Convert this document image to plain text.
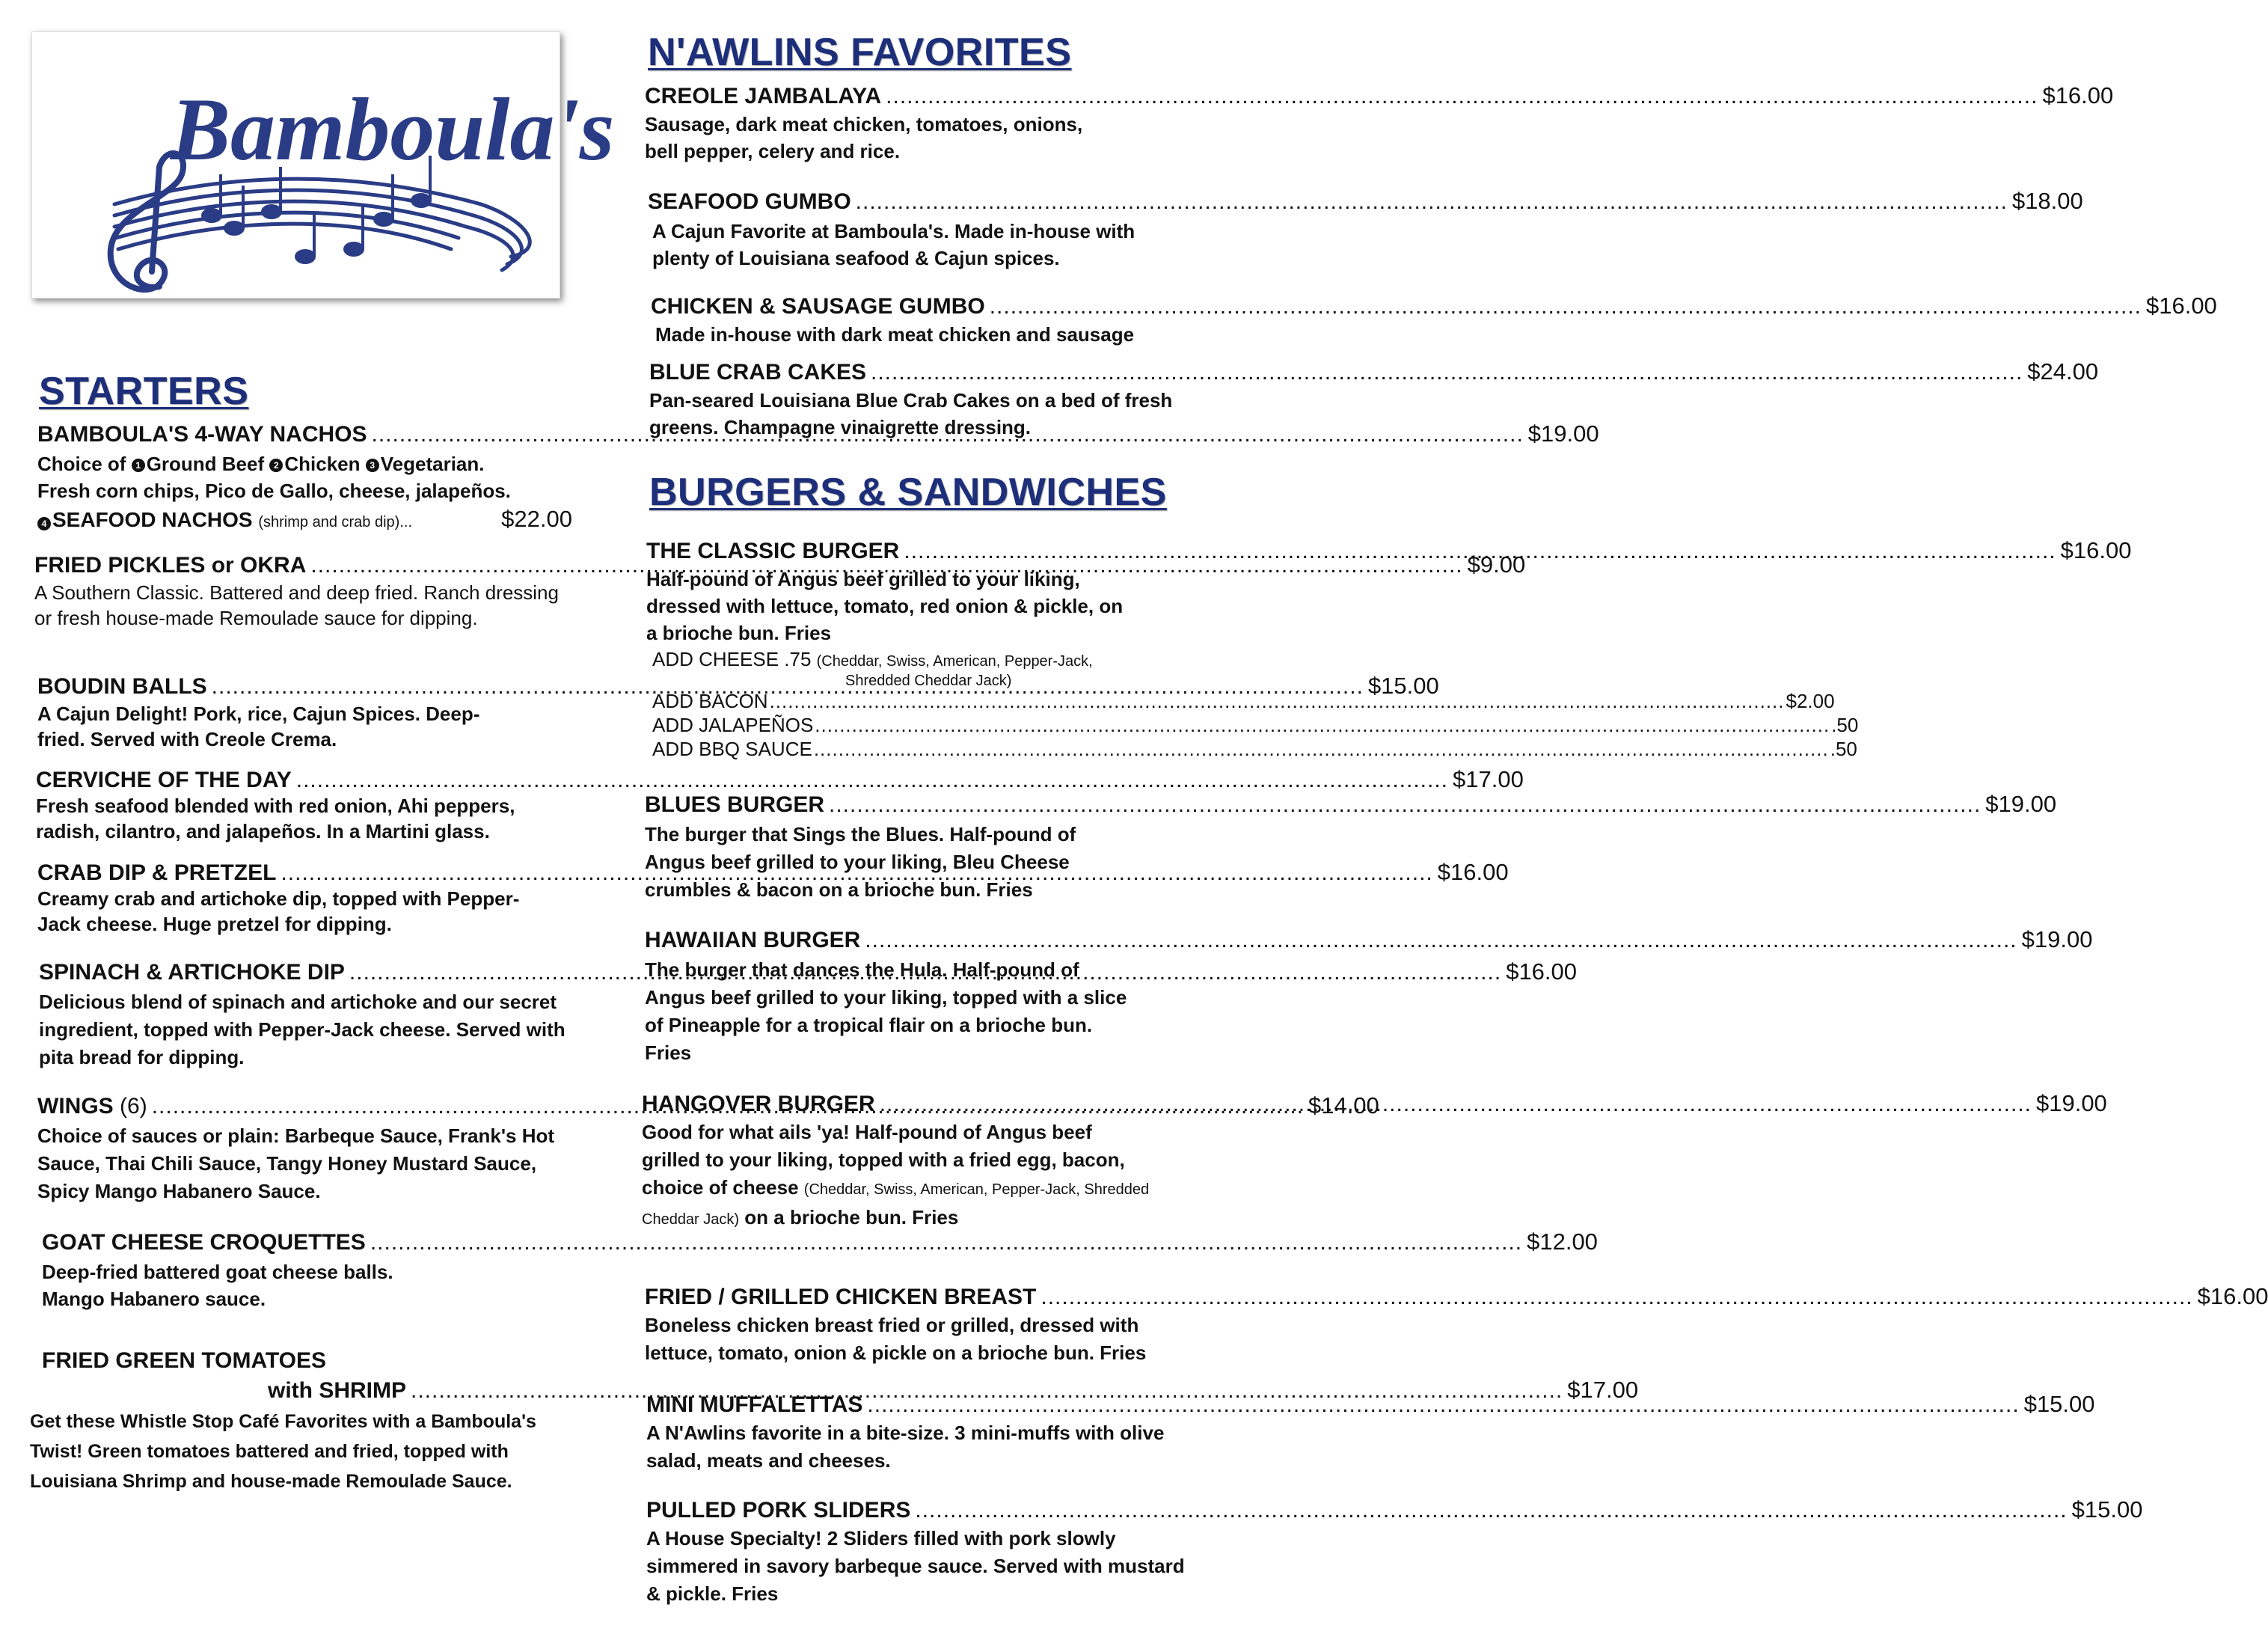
Bamboula's
STARTERS
BAMBOULA'S 4-WAY NACHOS .....	$19.00
Choice of 1 Ground Beef 2 Chicken 3 Vegetarian.
Fresh corn chips, Pico de Gallo, cheese, jalapeños.
4 SEAFOOD NACHOS
(shrimp and crab dip)...	$22.00
FRIED PICKLES or OKRA .....	$9.00
A Southern Classic. Battered and deep fried. Ranch dressing or fresh house-made Remoulade sauce for dipping.
BOUDIN BALLS .....	$15.00
A Cajun Delight! Pork, rice, Cajun Spices. Deep-fried. Served with Creole Crema.
CERVICHE OF THE DAY .....	$17.00
Fresh seafood blended with red onion, Ahi peppers, radish, cilantro, and jalapeños. In a Martini glass.
CRAB DIP & PRETZEL .....	$16.00
Creamy crab and artichoke dip, topped with Pepper-Jack cheese. Huge pretzel for dipping.
SPINACH & ARTICHOKE DIP .....	$16.00
Delicious blend of spinach and artichoke and our secret ingredient, topped with Pepper-Jack cheese. Served with pita bread for dipping.
WINGS
(6) .....	$14.00
Choice of sauces or plain: Barbeque Sauce, Frank's Hot Sauce, Thai Chili Sauce, Tangy Honey Mustard Sauce, Spicy Mango Habanero Sauce.
GOAT CHEESE CROQUETTES .....	$12.00
Deep-fried battered goat cheese balls. Mango Habanero sauce.
FRIED GREEN TOMATOES
with SHRIMP .....	$17.00
Get these Whistle Stop Café Favorites with a Bamboula's Twist! Green tomatoes battered and fried, topped with Louisiana Shrimp and house-made Remoulade Sauce.
N'AWLINS FAVORITES
CREOLE JAMBALAYA .....	$16.00
Sausage, dark meat chicken, tomatoes, onions, bell pepper, celery and rice.
SEAFOOD GUMBO .....	$18.00
A Cajun Favorite at Bamboula's. Made in-house with plenty of Louisiana seafood & Cajun spices.
CHICKEN & SAUSAGE GUMBO .....	$16.00
Made in-house with dark meat chicken and sausage
BLUE CRAB CAKES .....	$24.00
Pan-seared Louisiana Blue Crab Cakes on a bed of fresh greens. Champagne vinaigrette dressing.
BURGERS & SANDWICHES
THE CLASSIC BURGER .....	$16.00
Half-pound of Angus beef grilled to your liking, dressed with lettuce, tomato, red onion & pickle, on a brioche bun. Fries
ADD CHEESE .75 (Cheddar, Swiss, American, Pepper-Jack,
Shredded Cheddar Jack)
ADD BACON .....	$2.00
ADD JALAPEÑOS .....	.50
ADD BBQ SAUCE .....	.50
BLUES BURGER .....	$19.00
The burger that Sings the Blues. Half-pound of Angus beef grilled to your liking, Bleu Cheese crumbles & bacon on a brioche bun. Fries
HAWAIIAN BURGER .....	$19.00
The burger that dances the Hula. Half-pound of Angus beef grilled to your liking, topped with a slice of Pineapple for a tropical flair on a brioche bun. Fries
HANGOVER BURGER .....	$19.00
Good for what ails 'ya! Half-pound of Angus beef grilled to your liking, topped with a fried egg, bacon, choice of cheese (Cheddar, Swiss, American, Pepper-Jack, Shredded Cheddar Jack) on a brioche bun. Fries
FRIED / GRILLED CHICKEN BREAST .....	$16.00
Boneless chicken breast fried or grilled, dressed with lettuce, tomato, onion & pickle on a brioche bun. Fries
MINI MUFFALETTAS .....	$15.00
A N'Awlins favorite in a bite-size. 3 mini-muffs with olive salad, meats and cheeses.
PULLED PORK SLIDERS .....	$15.00
A House Specialty! 2 Sliders filled with pork slowly simmered in savory barbeque sauce. Served with mustard & pickle. Fries
